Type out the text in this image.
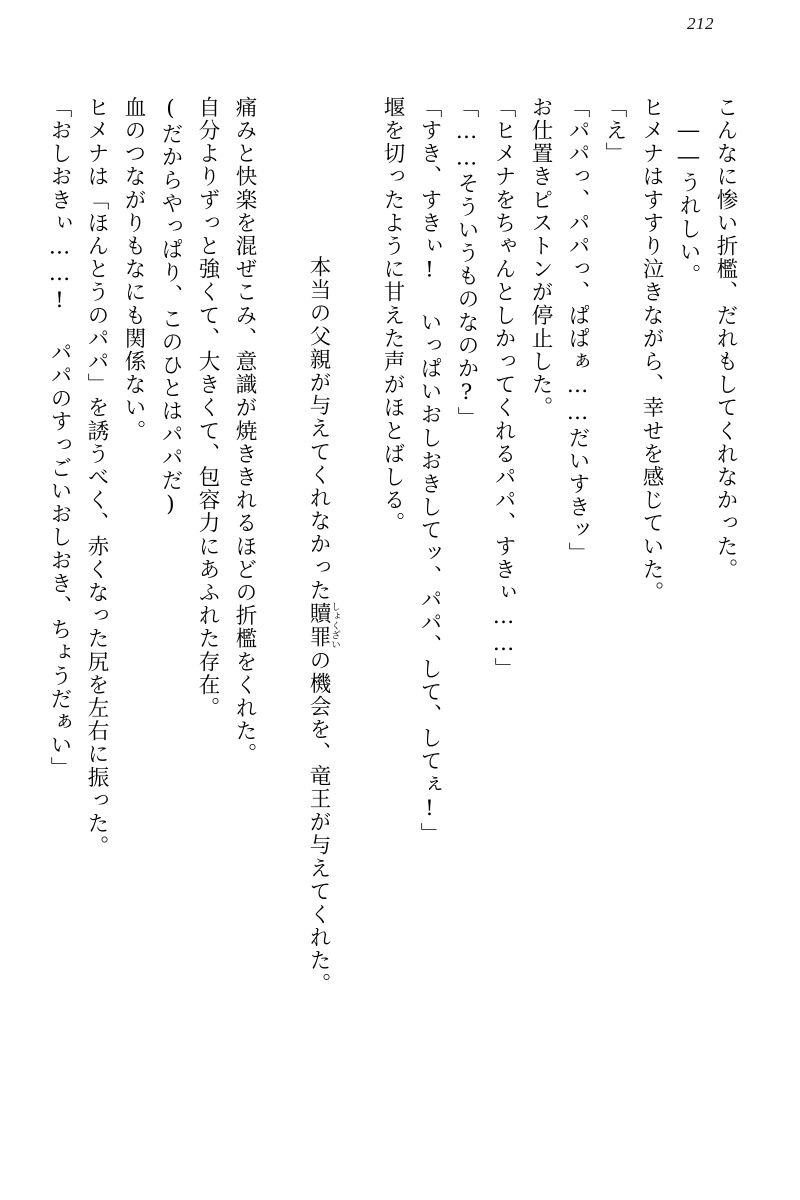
212
こんなに惨い折檻、だれもしてくれなかった。
――うれしい。
ヒメナはすすり泣きながら、幸せを感じていた。
「え」
「パパっ、パパっ、ぱぱぁ……だいすきッ」
お仕置きピストンが停止した。
「ヒメナをちゃんとしかってくれるパパ、すきぃ……」
「……そういうものなのか?」
「すき、すきぃ! いっぱいおしおきしてッ、パパ、して、してぇ!」
堰を切ったように甘えた声がほとばしる。

本当の父親が与えてくれなかった贖罪しょくざいの機会を、竜王が与えてくれた。

痛みと快楽を混ぜこみ、意識が焼ききれるほどの折檻をくれた。
自分よりずっと強くて、大きくて、包容力にあふれた存在。
(だからやっぱり、このひとはパパだ)
血のつながりもなにも関係ない。
ヒメナは「ほんとうのパパ」を誘うべく、赤くなった尻を左右に振った。
「おしおきぃ……! パパのすっごいおしおき、ちょうだぁい」
